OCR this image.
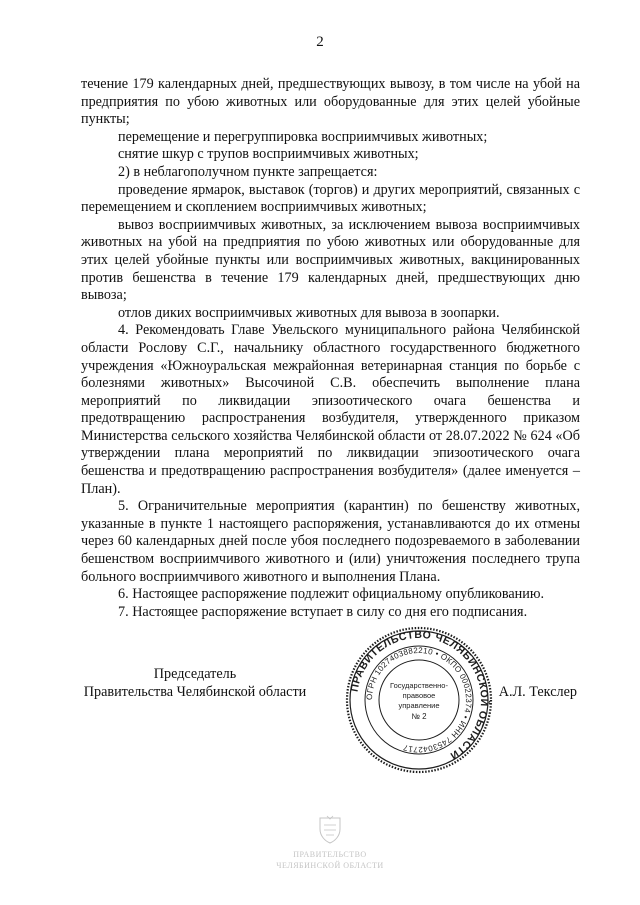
2

течение 179 календарных дней, предшествующих вывозу, в том числе на убой на предприятия по убою животных или оборудованные для этих целей убойные пункты;

перемещение и перегруппировка восприимчивых животных;

снятие шкур с трупов восприимчивых животных;

2) в неблагополучном пункте запрещается:

проведение ярмарок, выставок (торгов) и других мероприятий, связанных с перемещением и скоплением восприимчивых животных;

вывоз восприимчивых животных, за исключением вывоза восприимчивых животных на убой на предприятия по убою животных или оборудованные для этих целей убойные пункты или восприимчивых животных, вакцинированных против бешенства в течение 179 календарных дней, предшествующих дню вывоза;

отлов диких восприимчивых животных для вывоза в зоопарки.

4. Рекомендовать Главе Увельского муниципального района Челябинской области Рослову С.Г., начальнику областного государственного бюджетного учреждения «Южноуральская межрайонная ветеринарная станция по борьбе с болезнями животных» Высочиной С.В. обеспечить выполнение плана мероприятий по ликвидации эпизоотического очага бешенства и предотвращению распространения возбудителя, утвержденного приказом Министерства сельского хозяйства Челябинской области от 28.07.2022 № 624 «Об утверждении плана мероприятий по ликвидации эпизоотического очага бешенства и предотвращению распространения возбудителя» (далее именуется – План).

5. Ограничительные мероприятия (карантин) по бешенству животных, указанные в пункте 1 настоящего распоряжения, устанавливаются до их отмены через 60 календарных дней после убоя последнего подозреваемого в заболевании бешенством восприимчивого животного и (или) уничтожения последнего трупа больного восприимчивого животного и выполнения Плана.

6. Настоящее распоряжение подлежит официальному опубликованию.

7. Настоящее распоряжение вступает в силу со дня его подписания.

Председатель
Правительства Челябинской области	ПРАВИТЕЛЬСТВО ЧЕЛЯБИНСКОЙ ОБЛАСТИ
ОГРН 1027403882210 • ОКПО 00022374 • ИНН 7453042717
Государственно-
правовое
управление
№ 2
А.Л. Текслер
ПРАВИТЕЛЬСТВО
ЧЕЛЯБИНСКОЙ ОБЛАСТИ
